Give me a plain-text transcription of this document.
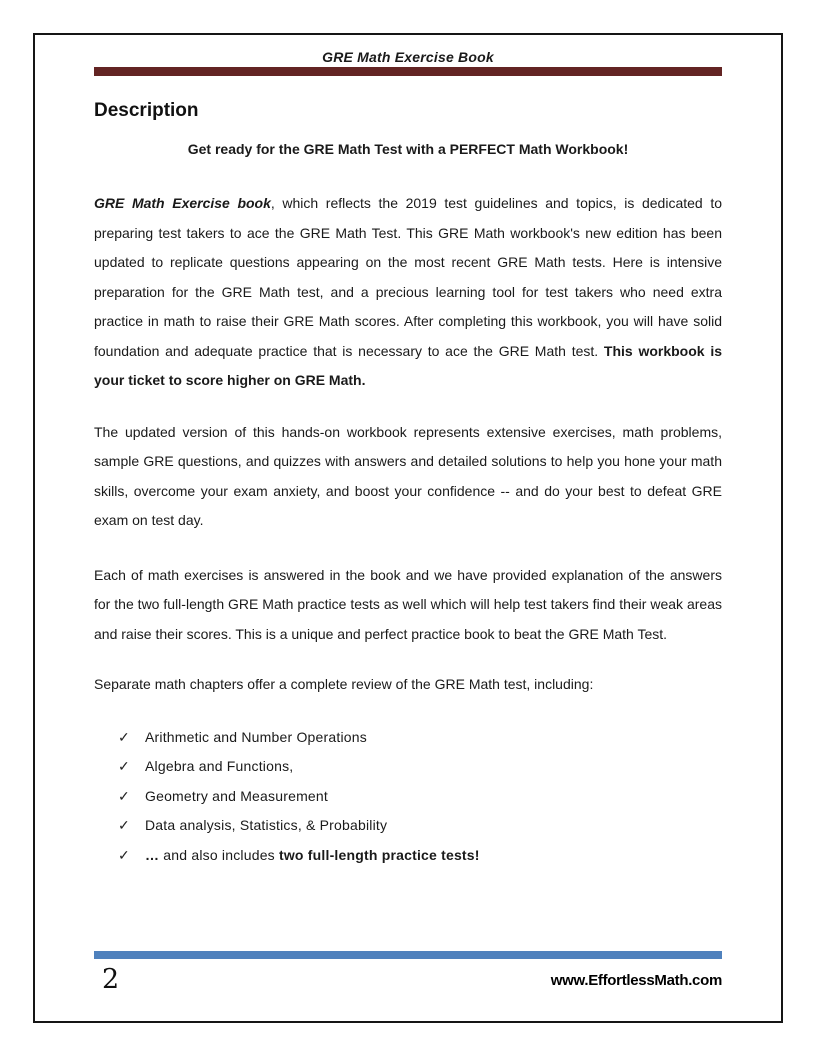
GRE Math Exercise Book
Description

Get ready for the GRE Math Test with a PERFECT Math Workbook!

GRE Math Exercise book, which reflects the 2019 test guidelines and topics, is dedicated to preparing test takers to ace the GRE Math Test. This GRE Math workbook's new edition has been updated to replicate questions appearing on the most recent GRE Math tests. Here is intensive preparation for the GRE Math test, and a precious learning tool for test takers who need extra practice in math to raise their GRE Math scores. After completing this workbook, you will have solid foundation and adequate practice that is necessary to ace the GRE Math test. This workbook is your ticket to score higher on GRE Math.

The updated version of this hands-on workbook represents extensive exercises, math problems, sample GRE questions, and quizzes with answers and detailed solutions to help you hone your math skills, overcome your exam anxiety, and boost your confidence -- and do your best to defeat GRE exam on test day.

Each of math exercises is answered in the book and we have provided explanation of the answers for the two full-length GRE Math practice tests as well which will help test takers find their weak areas and raise their scores. This is a unique and perfect practice book to beat the GRE Math Test.

Separate math chapters offer a complete review of the GRE Math test, including:

✓	Arithmetic and Number Operations
✓	Algebra and Functions,
✓	Geometry and Measurement
✓	Data analysis, Statistics, & Probability
✓	… and also includes two full-length practice tests!
2	www.EffortlessMath.com
